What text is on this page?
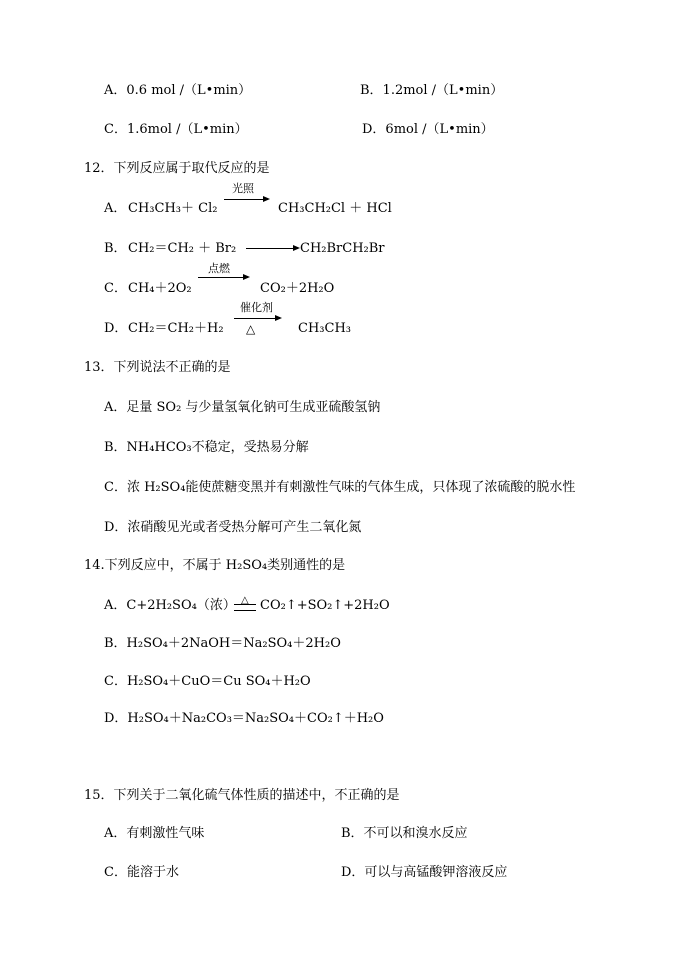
A．0.6 mol /（L•min）	B．1.2mol /（L•min）
C．1.6mol /（L•min）	D．6mol /（L•min）
12．下列反应属于取代反应的是
A． CH₃CH₃＋ Cl₂
光照
CH₃CH₂Cl ＋ HCl
B． CH₂＝CH₂ ＋ Br₂	CH₂BrCH₂Br
C． CH₄＋2O₂
点燃
CO₂＋2H₂O
D． CH₂＝CH₂＋H₂
催化剂
△	CH₃CH₃
13．下列说法不正确的是
A．足量 SO₂ 与少量氢氧化钠可生成亚硫酸氢钠
B．NH₄HCO₃不稳定，受热易分解
C．浓 H₂SO₄能使蔗糖变黑并有刺激性气味的气体生成，只体现了浓硫酸的脱水性
D．浓硝酸见光或者受热分解可产生二氧化氮
14.下列反应中，不属于 H₂SO₄类别通性的是
A．C+2H₂SO₄（浓） △ CO₂↑+SO₂↑+2H₂O
B．H₂SO₄＋2NaOH＝Na₂SO₄＋2H₂O
C．H₂SO₄＋CuO＝Cu SO₄＋H₂O
D．H₂SO₄＋Na₂CO₃＝Na₂SO₄＋CO₂↑＋H₂O
15．下列关于二氧化硫气体性质的描述中，不正确的是
A．有刺激性气味	B．不可以和溴水反应
C．能溶于水	D．可以与高锰酸钾溶液反应
